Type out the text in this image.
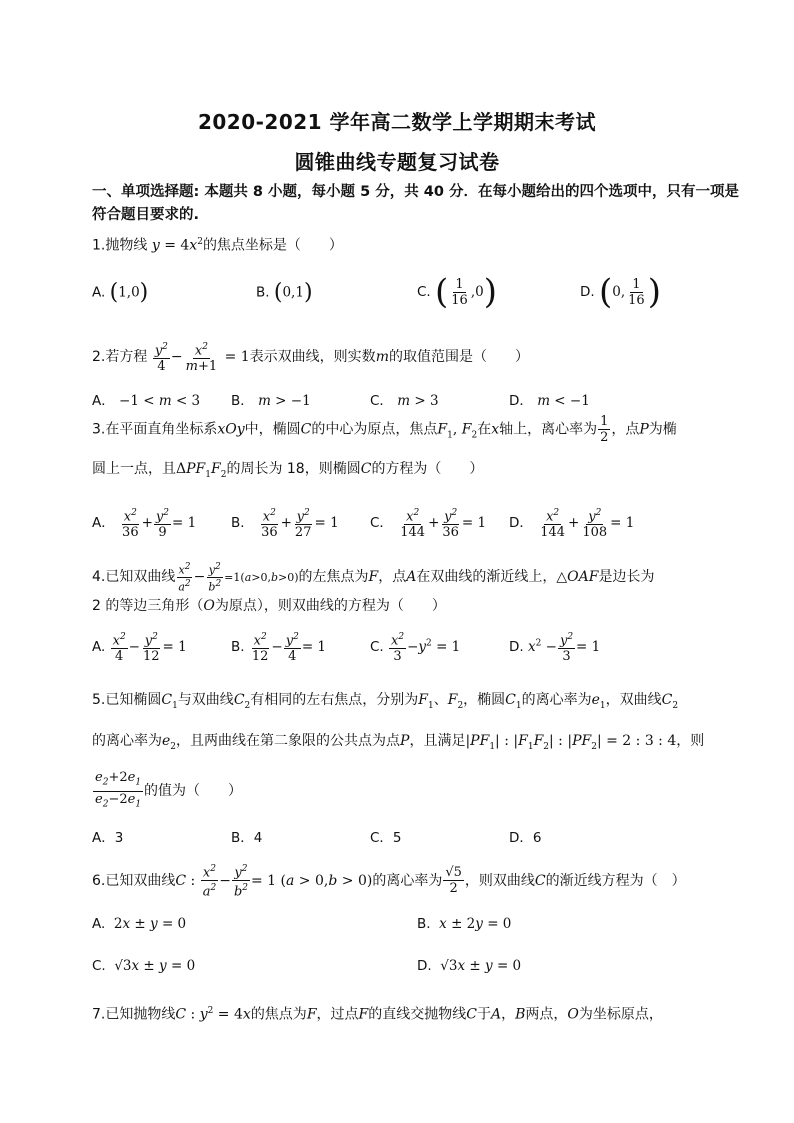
2020-2021 学年高二数学上学期期末考试
圆锥曲线专题复习试卷
一、单项选择题: 本题共 8 小题，每小题 5 分，共 40 分．在每小题给出的四个选项中，只有一项是
符合题目要求的.
1.抛物线 $y = 4x^2$的焦点坐标是（　　）
A. (1,0)	B. (0,1)	C. ( $\frac{1}{16} ,0$)	D. (0, $\frac{1}{16}$ )
2.若方程 $\frac{y^2}{4} - \frac{x^2}{m+1} = 1$表示双曲线，则实数m的取值范围是（　　）
A． −1 < m < 3 B． m > −1	C． m > 3	D． m < −1
3.在平面直角坐标系xOy中，椭圆C的中心为原点，焦点$F_1$, $F_2$在x轴上，离心率为 $\frac{1}{2}$ ，点P为椭
圆上一点，且$\Delta PF_1F_2$的周长为 18，则椭圆C的方程为（　　）
A． $\frac{x^2}{36} + \frac{y^2}{9} = 1$	B． $\frac{x^2}{36} + \frac{y^2}{27} = 1$ C． $\frac{x^2}{144} + \frac{y^2}{36} = 1$ D． $\frac{x^2}{144} + \frac{y^2}{108} = 1$
4.已知双曲线 $\frac{x^2}{a^2} - \frac{y^2}{b^2} =1(a>0,b>0)$的左焦点为F，点A在双曲线的渐近线上，△OAF是边长为
2 的等边三角形（O为原点），则双曲线的方程为（　　）
A. $\frac{x^2}{4} - \frac{y^2}{12} = 1$	B. $\frac{x^2}{12} - \frac{y^2}{4} = 1$	C. $\frac{x^2}{3} -y^2 = 1$	D. $x^2 - \frac{y^2}{3} = 1$
5.已知椭圆$C_1$与双曲线$C_2$有相同的左右焦点，分别为$F_1$、$F_2$，椭圆$C_1$的离心率为$e_1$，双曲线$C_2$
的离心率为$e_2$，且两曲线在第二象限的公共点为点P，且满足$|PF_1|$ : $|F_1F_2|$ : $|PF_2| = 2$ : 3 : 4，则
$\frac{e_2+2e_1}{e_2-2e_1}$ 的值为（　　）
A．3	B．4	C．5	D．6
6.已知双曲线C : $\frac{x^2}{a^2} - \frac{y^2}{b^2} = 1$ (a > 0,b > 0)的离心率为 $\frac{√5}{2}$ ，则双曲线C的渐近线方程为（　）
A. 2x ± y = 0	B. x ± 2y = 0
C. √3x ± y = 0	D. √3x ± y = 0
7.已知抛物线C : $y^2 = 4x$的焦点为F，过点F的直线交抛物线C于A，B两点，O为坐标原点，
